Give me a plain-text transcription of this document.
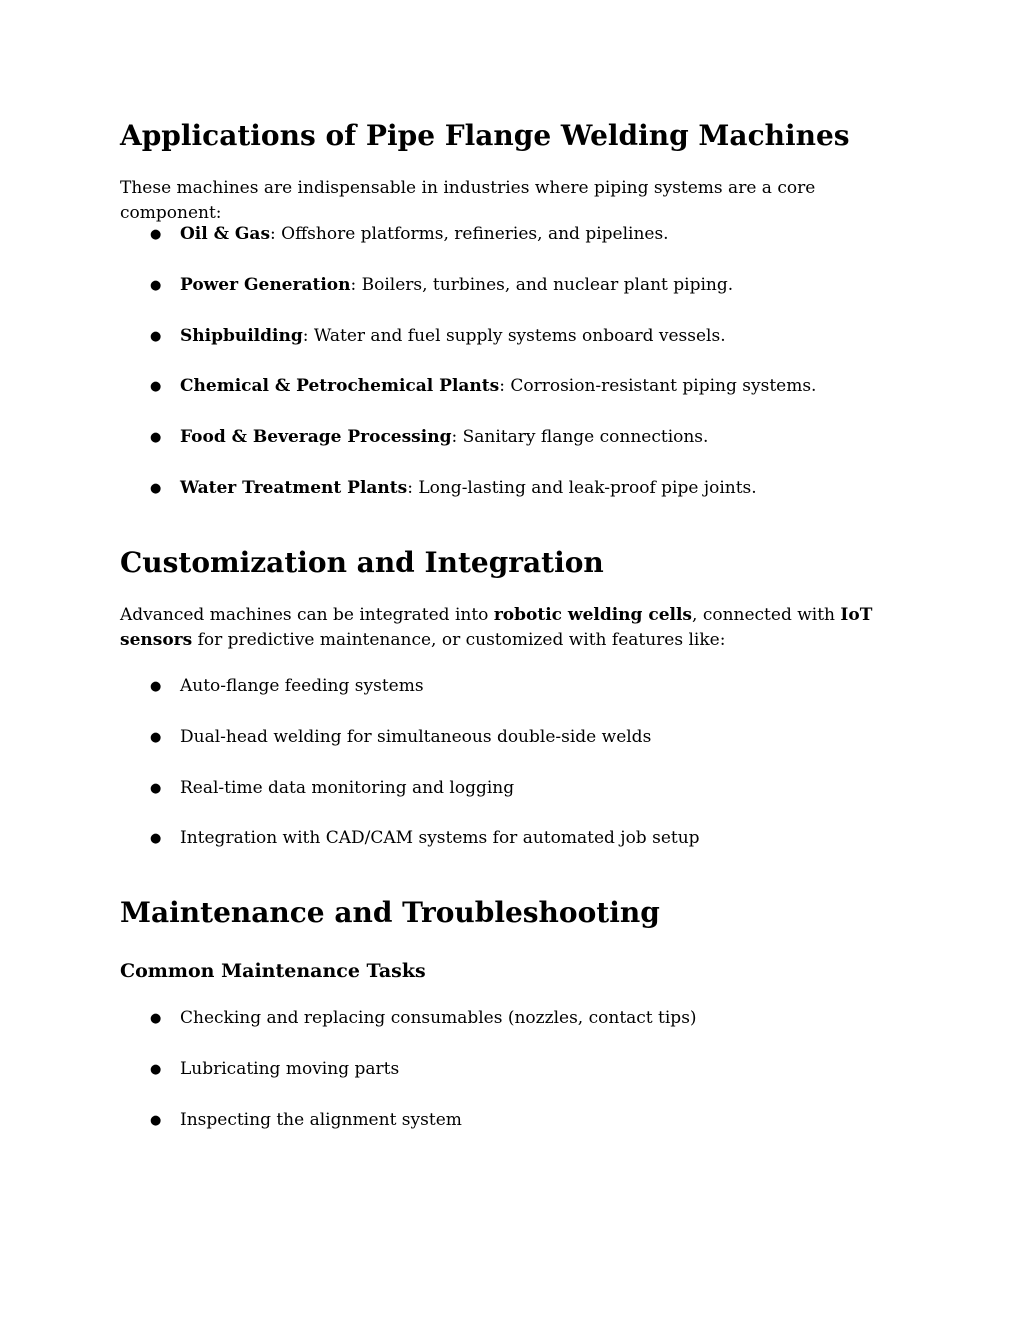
Applications of Pipe Flange Welding Machines

These machines are indispensable in industries where piping systems are a core component:

● Oil & Gas: Offshore platforms, refineries, and pipelines.
● Power Generation: Boilers, turbines, and nuclear plant piping.
● Shipbuilding: Water and fuel supply systems onboard vessels.
● Chemical & Petrochemical Plants: Corrosion-resistant piping systems.
● Food & Beverage Processing: Sanitary flange connections.
● Water Treatment Plants: Long-lasting and leak-proof pipe joints.
Customization and Integration

Advanced machines can be integrated into robotic welding cells, connected with IoT sensors for predictive maintenance, or customized with features like:

● Auto-flange feeding systems
● Dual-head welding for simultaneous double-side welds
● Real-time data monitoring and logging
● Integration with CAD/CAM systems for automated job setup
Maintenance and Troubleshooting
Common Maintenance Tasks
● Checking and replacing consumables (nozzles, contact tips)
● Lubricating moving parts
● Inspecting the alignment system
